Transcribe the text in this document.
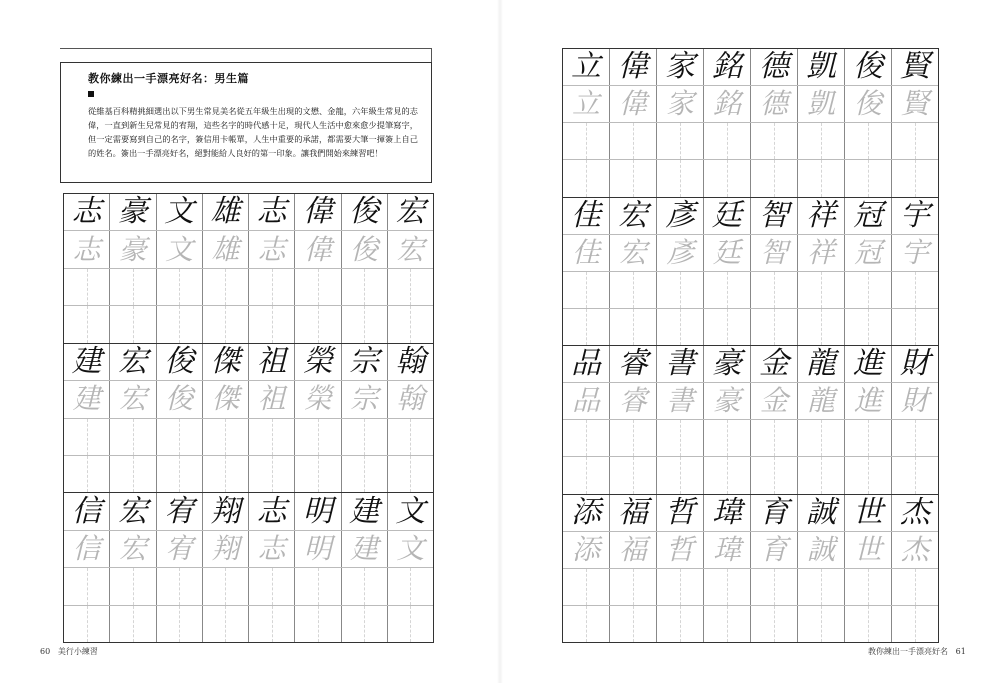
教你練出一手漂亮好名：男生篇
從維基百科精挑細選出以下男生常見美名從五年級生出現的文懋、金龍，六年級生常見的志偉，一直到新生兒常見的宥翔，這些名字的時代感十足，現代人生活中愈來愈少提筆寫字，但一定需要寫到自己的名字，簽信用卡帳單，人生中重要的承諾，都需要大筆一揮簽上自己的姓名。簽出一手漂亮好名，絕對能給人良好的第一印象。讓我們開始來練習吧！
志 豪 文 雄 志 偉 俊 宏
志 豪 文 雄 志 偉 俊 宏
建 宏 俊 傑 祖 榮 宗 翰
建 宏 俊 傑 祖 榮 宗 翰
信 宏 宥 翔 志 明 建 文
信 宏 宥 翔 志 明 建 文
立 偉 家 銘 德 凱 俊 賢
立 偉 家 銘 德 凱 俊 賢
佳 宏 彥 廷 智 祥 冠 宇
佳 宏 彥 廷 智 祥 冠 宇
品 睿 書 豪 金 龍 進 財
品 睿 書 豪 金 龍 進 財
添 福 哲 瑋 育 誠 世 杰
添 福 哲 瑋 育 誠 世 杰
60 美行小練習	教你練出一手漂亮好名 61
